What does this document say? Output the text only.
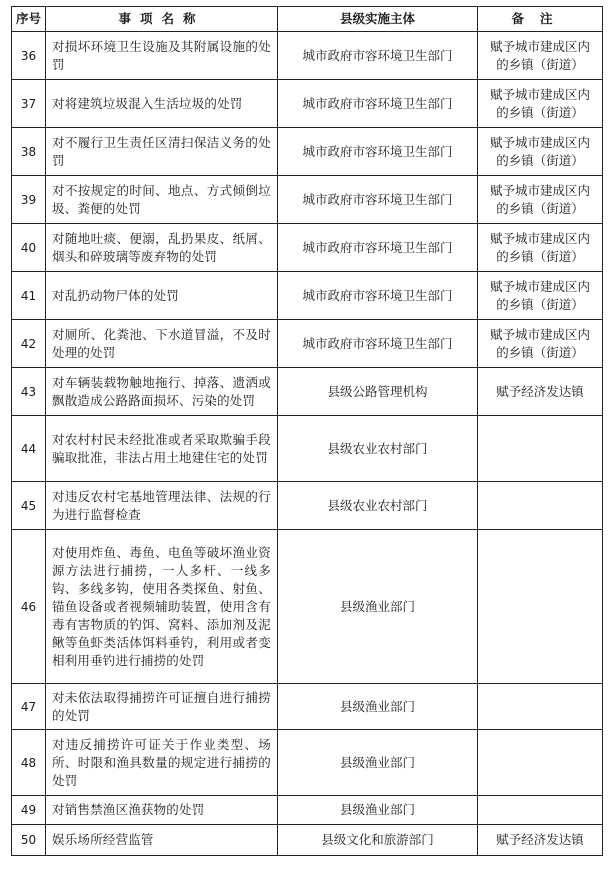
序号	事项名称	县级实施主体	备注
36	对损坏环境卫生设施及其附属设施的处罚	城市政府市容环境卫生部门	赋予城市建成区内的乡镇（街道）
37	对将建筑垃圾混入生活垃圾的处罚	城市政府市容环境卫生部门	赋予城市建成区内的乡镇（街道）
38	对不履行卫生责任区清扫保洁义务的处罚	城市政府市容环境卫生部门	赋予城市建成区内的乡镇（街道）
39	对不按规定的时间、地点、方式倾倒垃圾、粪便的处罚	城市政府市容环境卫生部门	赋予城市建成区内的乡镇（街道）
40	对随地吐痰、便溺，乱扔果皮、纸屑、烟头和碎玻璃等废弃物的处罚	城市政府市容环境卫生部门	赋予城市建成区内的乡镇（街道）
41	对乱扔动物尸体的处罚	城市政府市容环境卫生部门	赋予城市建成区内的乡镇（街道）
42	对厕所、化粪池、下水道冒溢，不及时处理的处罚	城市政府市容环境卫生部门	赋予城市建成区内的乡镇（街道）
43	对车辆装载物触地拖行、掉落、遗洒或飘散造成公路路面损坏、污染的处罚	县级公路管理机构	赋予经济发达镇
44	对农村村民未经批准或者采取欺骗手段骗取批准，非法占用土地建住宅的处罚	县级农业农村部门	
45	对违反农村宅基地管理法律、法规的行为进行监督检查	县级农业农村部门	
46	对使用炸鱼、毒鱼、电鱼等破坏渔业资源方法进行捕捞，一人多杆、一线多钩、多线多钩，使用各类探鱼、射鱼、锚鱼设备或者视频辅助装置，使用含有毒有害物质的钓饵、窝料、添加剂及泥鳅等鱼虾类活体饵料垂钓，利用或者变相利用垂钓进行捕捞的处罚	县级渔业部门	
47	对未依法取得捕捞许可证擅自进行捕捞的处罚	县级渔业部门	
48	对违反捕捞许可证关于作业类型、场所、时限和渔具数量的规定进行捕捞的处罚	县级渔业部门	
49	对销售禁渔区渔获物的处罚	县级渔业部门	
50	娱乐场所经营监管	县级文化和旅游部门	赋予经济发达镇
